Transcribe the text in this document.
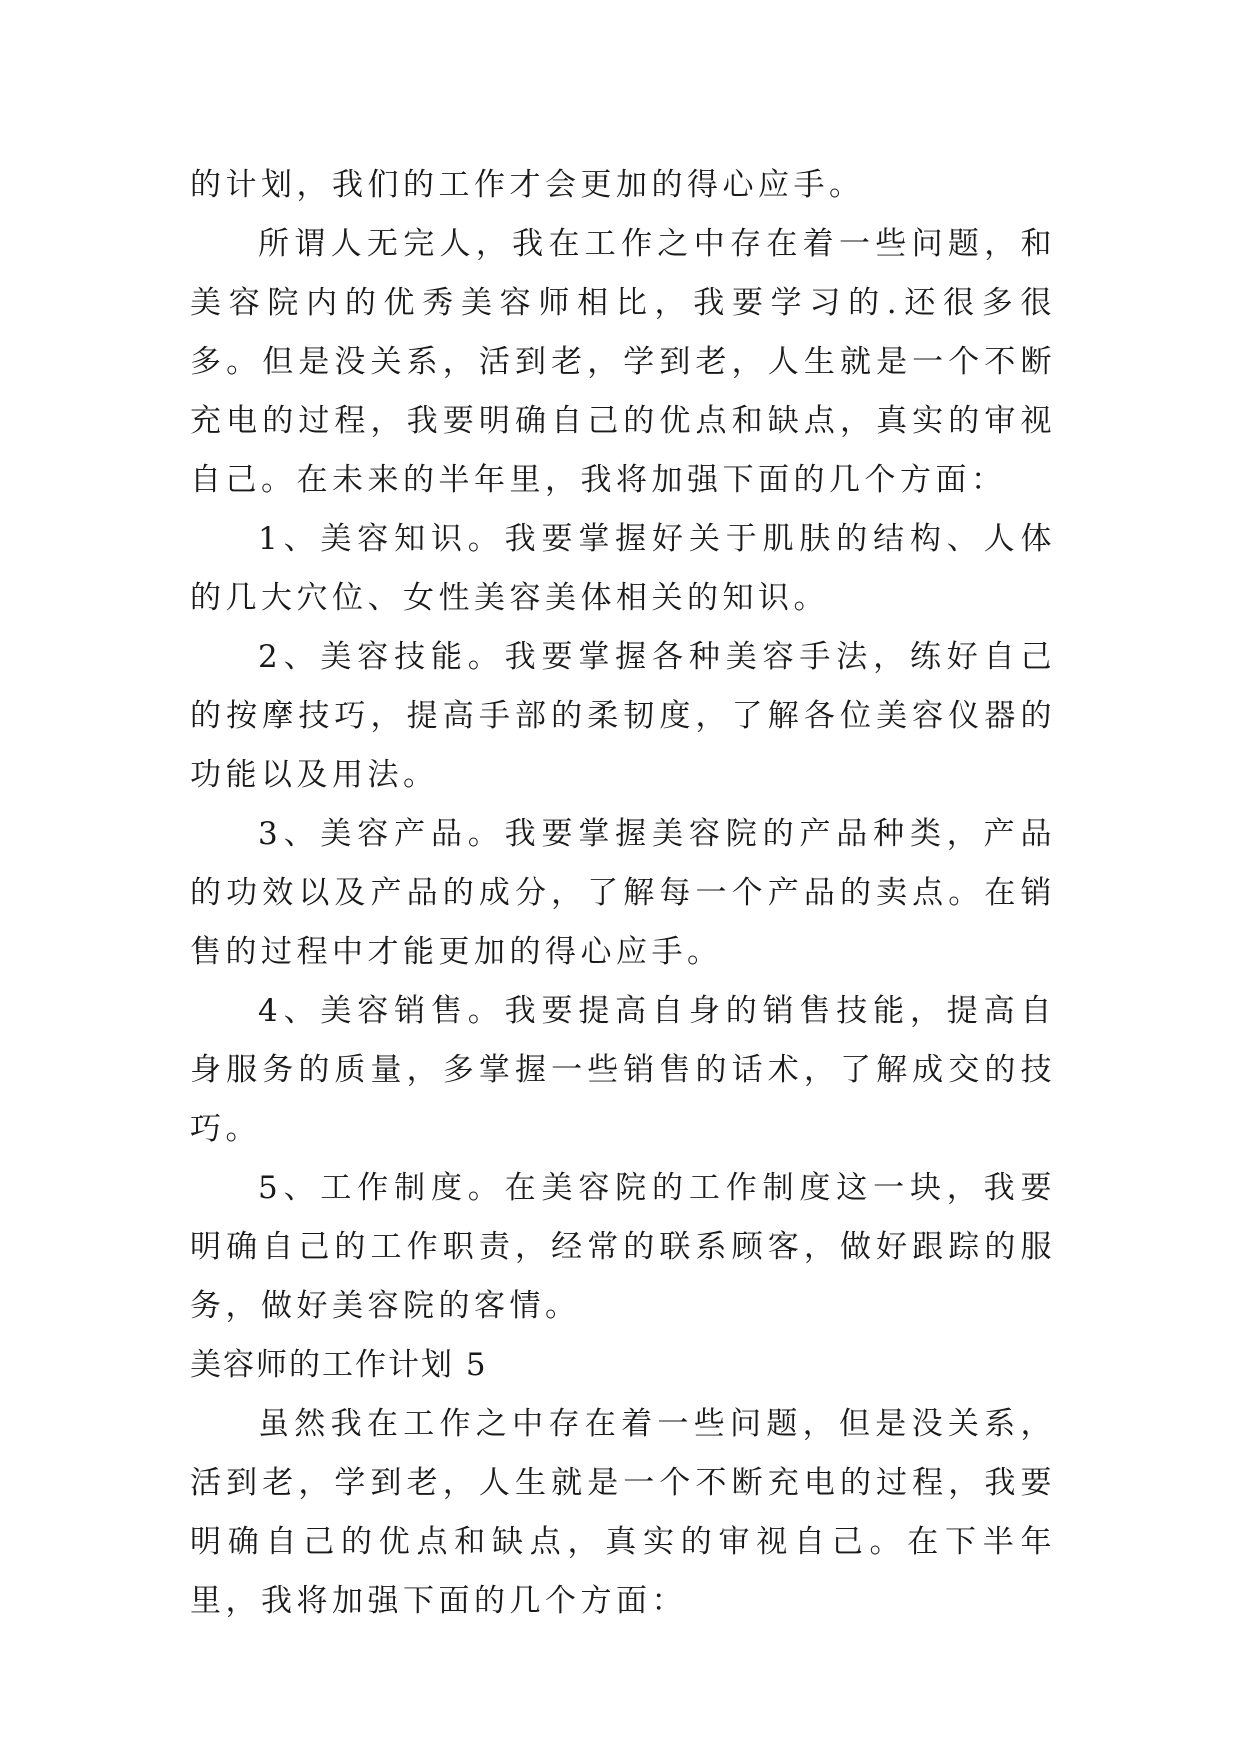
的计划，我们的工作才会更加的得心应手。

所谓人无完人，我在工作之中存在着一些问题，和美容院内的优秀美容师相比，我要学习的.还很多很多。但是没关系，活到老，学到老，人生就是一个不断充电的过程，我要明确自己的优点和缺点，真实的审视自己。在未来的半年里，我将加强下面的几个方面：

1、美容知识。我要掌握好关于肌肤的结构、人体的几大穴位、女性美容美体相关的知识。

2、美容技能。我要掌握各种美容手法，练好自己的按摩技巧，提高手部的柔韧度，了解各位美容仪器的功能以及用法。

3、美容产品。我要掌握美容院的产品种类，产品的功效以及产品的成分，了解每一个产品的卖点。在销售的过程中才能更加的得心应手。

4、美容销售。我要提高自身的销售技能，提高自身服务的质量，多掌握一些销售的话术，了解成交的技巧。

5、工作制度。在美容院的工作制度这一块，我要明确自己的工作职责，经常的联系顾客，做好跟踪的服务，做好美容院的客情。

美容师的工作计划 5

虽然我在工作之中存在着一些问题，但是没关系，活到老，学到老，人生就是一个不断充电的过程，我要明确自己的优点和缺点，真实的审视自己。在下半年里，我将加强下面的几个方面：
